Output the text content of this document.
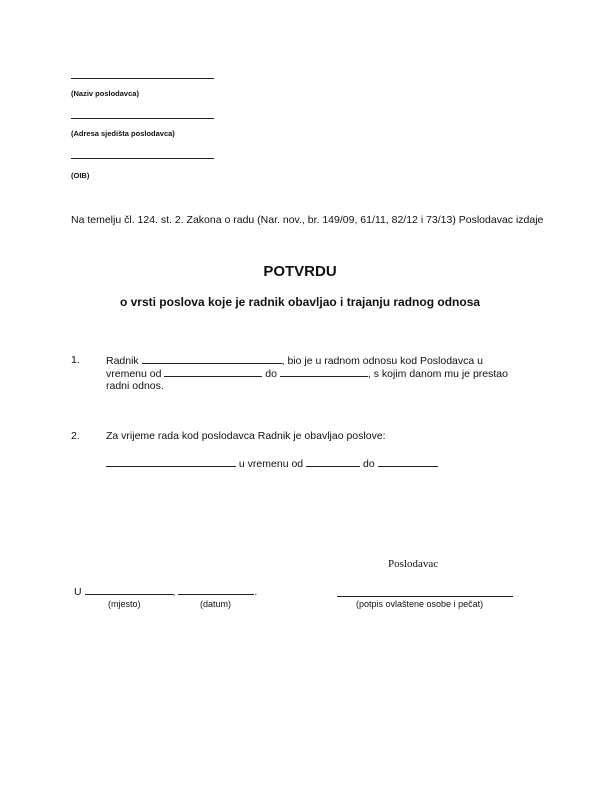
(Naziv poslodavca)
(Adresa sjedišta poslodavca)
(OIB)
Na temelju čl. 124. st. 2. Zakona o radu (Nar. nov., br. 149/09, 61/11, 82/12 i 73/13) Poslodavac izdaje
POTVRDU
o vrsti poslova koje je radnik obavljao i trajanju radnog odnosa
1. Radnik	, bio je u radnom odnosu kod Poslodavca u
vremenu od	do	, s kojim danom mu je prestao
radni odnos.
2. Za vrijeme rada kod poslodavca Radnik je obavljao poslove:
u vremenu od	do
Poslodavac
U	,	.
(mjesto)	(datum)	(potpis ovlaštene osobe i pečat)
